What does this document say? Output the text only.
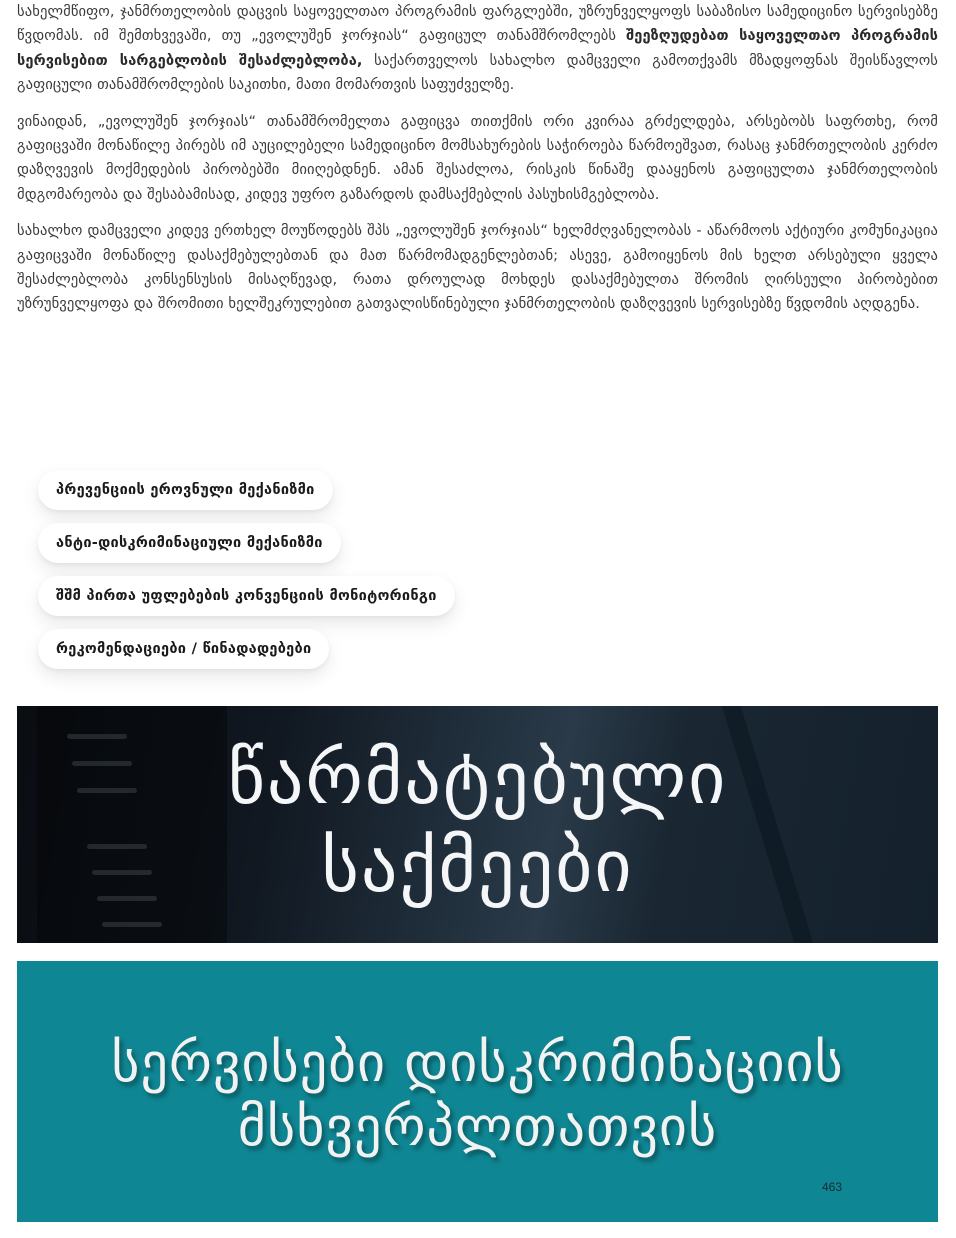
სახელმწიფო, ჯანმრთელობის დაცვის საყოველთაო პროგრამის ფარგლებში, უზრუნველყოფს საბაზისო სამედიცინო სერვისებზე წვდომას. იმ შემთხვევაში, თუ „ევოლუშენ ჯორჯიას“ გაფიცულ თანამშრომლებს შეეზღუდებათ საყოველთაო პროგრამის სერვისებით სარგებლობის შესაძლებლობა, საქართველოს სახალხო დამცველი გამოთქვამს მზადყოფნას შეისწავლოს გაფიცული თანამშრომლების საკითხი, მათი მომართვის საფუძველზე.

ვინაიდან, „ევოლუშენ ჯორჯიას“ თანამშრომელთა გაფიცვა თითქმის ორი კვირაა გრძელდება, არსებობს საფრთხე, რომ გაფიცვაში მონაწილე პირებს იმ აუცილებელი სამედიცინო მომსახურების საჭიროება წარმოეშვათ, რასაც ჯანმრთელობის კერძო დაზღვევის მოქმედების პირობებში მიიღებდნენ. ამან შესაძლოა, რისკის წინაშე დააყენოს გაფიცულთა ჯანმრთელობის მდგომარეობა და შესაბამისად, კიდევ უფრო გაზარდოს დამსაქმებლის პასუხისმგებლობა.

სახალხო დამცველი კიდევ ერთხელ მოუწოდებს შპს „ევოლუშენ ჯორჯიას“ ხელმძღვანელობას - აწარმოოს აქტიური კომუნიკაცია გაფიცვაში მონაწილე დასაქმებულებთან და მათ წარმომადგენლებთან; ასევე, გამოიყენოს მის ხელთ არსებული ყველა შესაძლებლობა კონსენსუსის მისაღწევად, რათა დროულად მოხდეს დასაქმებულთა შრომის ღირსეული პირობებით უზრუნველყოფა და შრომითი ხელშეკრულებით გათვალისწინებული ჯანმრთელობის დაზღვევის სერვისებზე წვდომის აღდგენა.

პრევენციის ეროვნული მექანიზმი
ანტი-დისკრიმინაციული მექანიზმი
შშმ პირთა უფლებების კონვენციის მონიტორინგი
რეკომენდაციები / წინადადებები
წარმატებული
საქმეები
სერვისები დისკრიმინაციის
მსხვერპლთათვის
463
